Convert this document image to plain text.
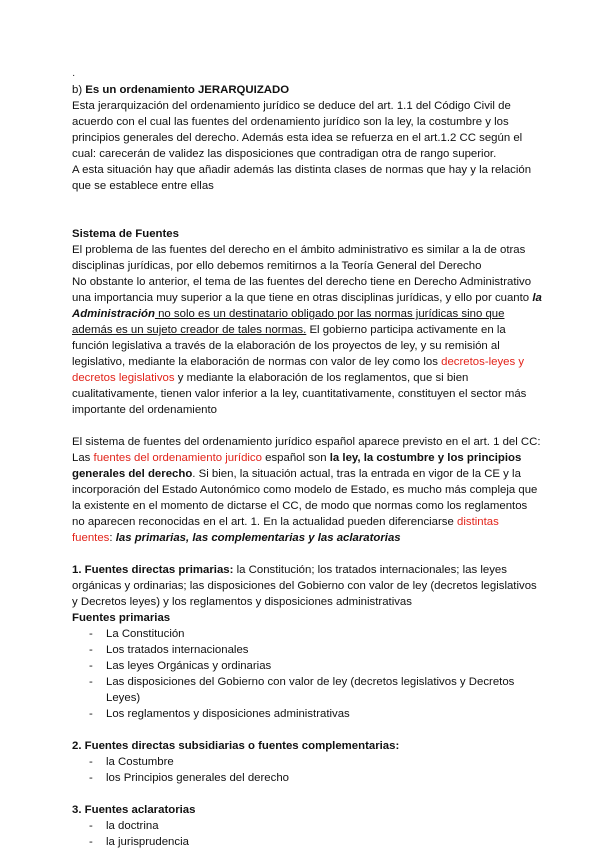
·

b) Es un ordenamiento JERARQUIZADO

Esta jerarquización del ordenamiento jurídico se deduce del art. 1.1 del Código Civil de acuerdo con el cual las fuentes del ordenamiento jurídico son la ley, la costumbre y los principios generales del derecho. Además esta idea se refuerza en el art.1.2 CC según el cual: carecerán de validez las disposiciones que contradigan otra de rango superior.

A esta situación hay que añadir además las distinta clases de normas que hay y la relación que se establece entre ellas

Sistema de Fuentes

El problema de las fuentes del derecho en el ámbito administrativo es similar a la de otras disciplinas jurídicas, por ello debemos remitirnos a la Teoría General del Derecho

No obstante lo anterior, el tema de las fuentes del derecho tiene en Derecho Administrativo una importancia muy superior a la que tiene en otras disciplinas jurídicas, y ello por cuanto la Administración no solo es un destinatario obligado por las normas jurídicas sino que además es un sujeto creador de tales normas. El gobierno participa activamente en la función legislativa a través de la elaboración de los proyectos de ley, y su remisión al legislativo, mediante la elaboración de normas con valor de ley como los decretos-leyes y decretos legislativos y mediante la elaboración de los reglamentos, que si bien cualitativamente, tienen valor inferior a la ley, cuantitativamente, constituyen el sector más importante del ordenamiento

El sistema de fuentes del ordenamiento jurídico español aparece previsto en el art. 1 del CC: Las fuentes del ordenamiento jurídico español son la ley, la costumbre y los principios generales del derecho. Si bien, la situación actual, tras la entrada en vigor de la CE y la incorporación del Estado Autonómico como modelo de Estado, es mucho más compleja que la existente en el momento de dictarse el CC, de modo que normas como los reglamentos no aparecen reconocidas en el art. 1. En la actualidad pueden diferenciarse distintas fuentes: las primarias, las complementarias y las aclaratorias

1. Fuentes directas primarias: la Constitución; los tratados internacionales; las leyes orgánicas y ordinarias; las disposiciones del Gobierno con valor de ley (decretos legislativos y Decretos leyes) y los reglamentos y disposiciones administrativas

Fuentes primarias

- La Constitución
- Los tratados internacionales
- Las leyes Orgánicas y ordinarias
- Las disposiciones del Gobierno con valor de ley (decretos legislativos y Decretos Leyes)
- Los reglamentos y disposiciones administrativas

2. Fuentes directas subsidiarias o fuentes complementarias:

- la Costumbre
- los Principios generales del derecho

3. Fuentes aclaratorias

- la doctrina
- la jurisprudencia
